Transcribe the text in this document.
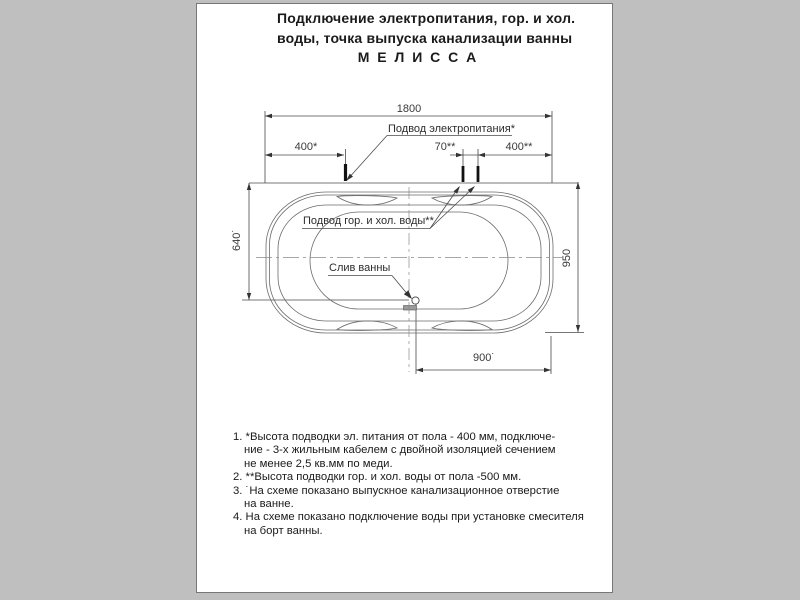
Подключение электропитания, гор. и хол.
воды, точка выпуска канализации ванны
М Е Л И С С А
1800
400*	70**	400**
640˙
950
900˙
Подвод электропитания*
Подвод гор. и хол. воды**
Слив ванны
1. *Высота подводки эл. питания от пола - 400 мм, подключе-
ние - 3-х жильным кабелем с двойной изоляцией сечением
не менее 2,5 кв.мм по меди.
2. **Высота подводки гор. и хол. воды от пола -500 мм.
3. ˙На схеме показано выпускное канализационное отверстие
на ванне.
4. На схеме показано подключение воды при установке смесителя
на борт ванны.
